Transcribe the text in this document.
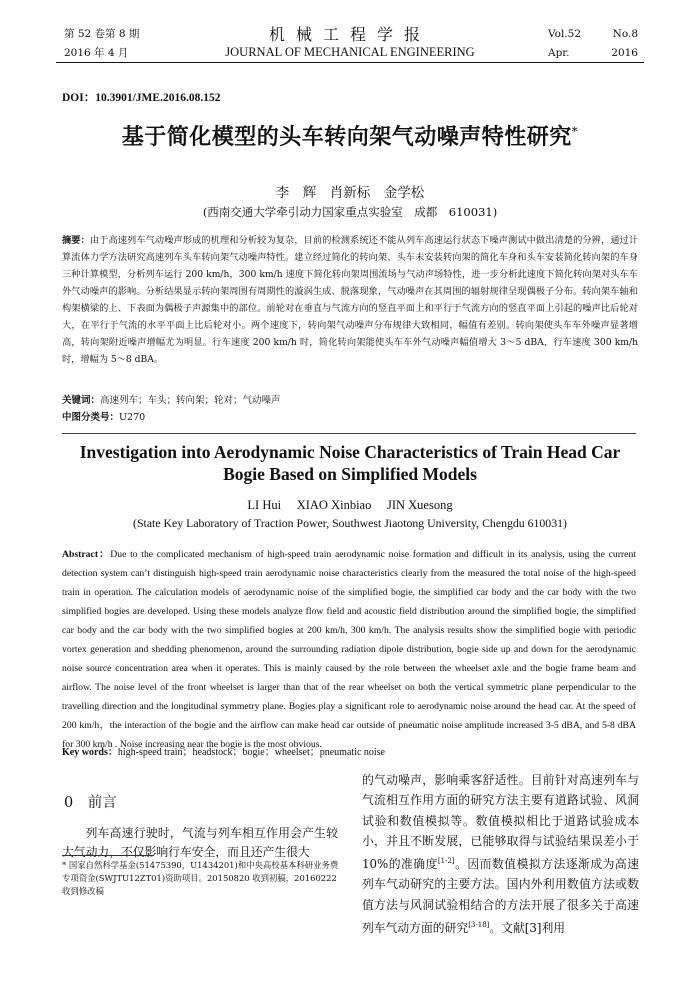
第 52 卷第 8 期
2016 年 4 月
机械工程学报
JOURNAL OF MECHANICAL ENGINEERING
Vol.52	No.8
Apr.	2016
DOI：10.3901/JME.2016.08.152
基于简化模型的头车转向架气动噪声特性研究*
李　辉　肖新标　金学松
(西南交通大学牵引动力国家重点实验室　成都　610031)
摘要：由于高速列车气动噪声形成的机理和分析较为复杂，目前的检测系统还不能从列车高速运行状态下噪声测试中做出清楚的分辨，通过计算流体力学方法研究高速列车头车转向架气动噪声特性。建立经过简化的转向架、头车未安装转向架的简化车身和头车安装简化转向架的车身三种计算模型，分析列车运行 200 km/h，300 km/h 速度下简化转向架周围流场与气动声场特性，进一步分析此速度下简化转向架对头车车外气动噪声的影响。分析结果显示转向架周围有周期性的漩涡生成、脱落现象，气动噪声在其周围的辐射规律呈现偶极子分布。转向架车轴和构架横梁的上、下表面为偶极子声源集中的部位。前轮对在垂直与气流方向的竖直平面上和平行于气流方向的竖直平面上引起的噪声比后轮对大，在平行于气流的水平平面上比后轮对小。两个速度下，转向架气动噪声分布规律大致相同，幅值有差别。转向架使头车车外噪声显著增高，转向架附近噪声增幅尤为明显。行车速度 200 km/h 时，简化转向架能使头车车外气动噪声幅值增大 3～5 dBA，行车速度 300 km/h 时，增幅为 5～8 dBA。
关键词：高速列车；车头；转向架；轮对；气动噪声
中图分类号：U270
Investigation into Aerodynamic Noise Characteristics of Train Head Car Bogie Based on Simplified Models
LI Hui　 XIAO Xinbiao　 JIN Xuesong
(State Key Laboratory of Traction Power, Southwest Jiaotong University, Chengdu 610031)
Abstract：Due to the complicated mechanism of high-speed train aerodynamic noise formation and difficult in its analysis, using the current detection system can’t distinguish high-speed train aerodynamic noise characteristics clearly from the measured the total noise of the high-speed train in operation. The calculation models of aerodynamic noise of the simplified bogie, the simplified car body and the car body with the two simplified bogies are developed. Using these models analyze flow field and acoustic field distribution around the simplified bogie, the simplified car body and the car body with the two simplified bogies at 200 km/h, 300 km/h. The analysis results show the simplified bogie with periodic vortex generation and shedding phenomenon, around the surrounding radiation dipole distribution, bogie side up and down for the aerodynamic noise source concentration area when it operates. This is mainly caused by the role between the wheelset axle and the bogie frame beam and airflow. The noise level of the front wheelset is larger than that of the rear wheelset on both the vertical symmetric plane perpendicular to the travelling direction and the longitudinal symmetry plane. Bogies play a significant role to aerodynamic noise around the head car. At the speed of 200 km/h，the interaction of the bogie and the airflow can make head car outside of pneumatic noise amplitude increased 3-5 dBA, and 5-8 dBA for 300 km/h . Noise increasing near the bogie is the most obvious.
Key words：high-speed train；headstock；bogie；wheelset；pneumatic noise
0　 前言
列车高速行驶时，气流与列车相互作用会产生较大气动力，不仅影响行车安全，而且还产生很大
的气动噪声，影响乘客舒适性。目前针对高速列车与气流相互作用方面的研究方法主要有道路试验、风洞试验和数值模拟等。数值模拟相比于道路试验成本小，并且不断发展，已能够取得与试验结果误差小于 10%的准确度[1-2]。因而数值模拟方法逐渐成为高速列车气动研究的主要方法。国内外利用数值方法或数值方法与风洞试验相结合的方法开展了很多关于高速列车气动方面的研究[3-18]。文献[3]利用
* 国家自然科学基金(51475390，U1434201)和中央高校基本科研业务费专项资金(SWJTU12ZT01)资助项目。20150820 收到初稿，20160222 收到修改稿
